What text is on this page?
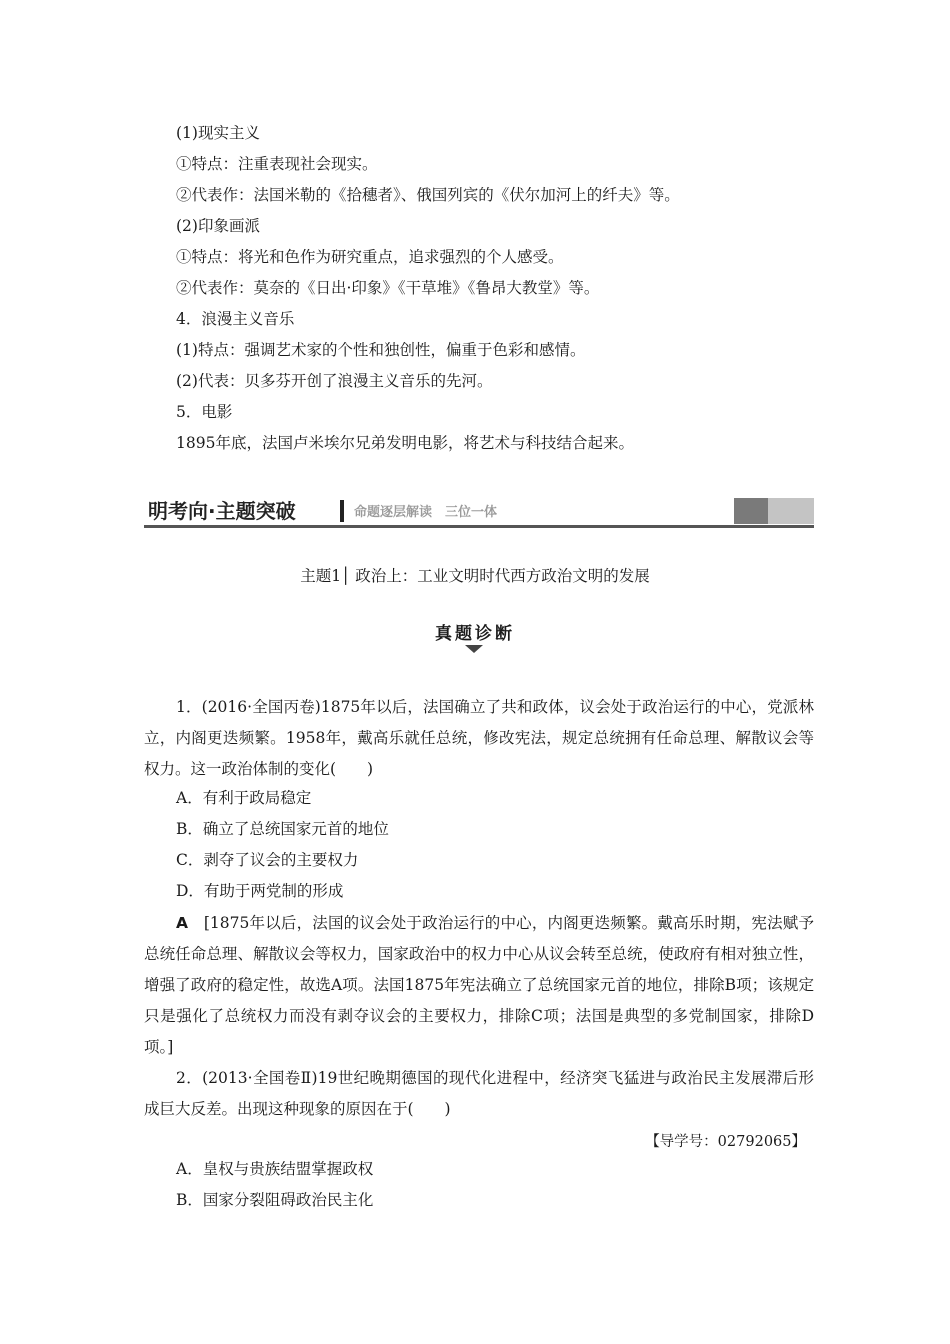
(1)现实主义
①特点：注重表现社会现实。
②代表作：法国米勒的《拾穗者》、俄国列宾的《伏尔加河上的纤夫》等。
(2)印象画派
①特点：将光和色作为研究重点，追求强烈的个人感受。
②代表作：莫奈的《日出·印象》《干草堆》《鲁昂大教堂》等。
4．浪漫主义音乐
(1)特点：强调艺术家的个性和独创性，偏重于色彩和感情。
(2)代表：贝多芬开创了浪漫主义音乐的先河。
5．电影
1895年底，法国卢米埃尔兄弟发明电影，将艺术与科技结合起来。
明考向·主题突破	命题逐层解读　三位一体
主题1│ 政治上：工业文明时代西方政治文明的发展
真题诊断
1．(2016·全国丙卷)1875年以后，法国确立了共和政体，议会处于政治运行的中心，党派林立，内阁更迭频繁。1958年，戴高乐就任总统，修改宪法，规定总统拥有任命总理、解散议会等权力。这一政治体制的变化(　　)
A．有利于政局稳定
B．确立了总统国家元首的地位
C．剥夺了议会的主要权力
D．有助于两党制的形成
A　 [1875年以后，法国的议会处于政治运行的中心，内阁更迭频繁。戴高乐时期，宪法赋予总统任命总理、解散议会等权力，国家政治中的权力中心从议会转至总统，使政府有相对独立性，增强了政府的稳定性，故选A项。法国1875年宪法确立了总统国家元首的地位，排除B项；该规定只是强化了总统权力而没有剥夺议会的主要权力，排除C项；法国是典型的多党制国家，排除D项。]
2．(2013·全国卷Ⅱ)19世纪晚期德国的现代化进程中，经济突飞猛进与政治民主发展滞后形成巨大反差。出现这种现象的原因在于(　　)
【导学号：02792065】
A．皇权与贵族结盟掌握政权
B．国家分裂阻碍政治民主化
